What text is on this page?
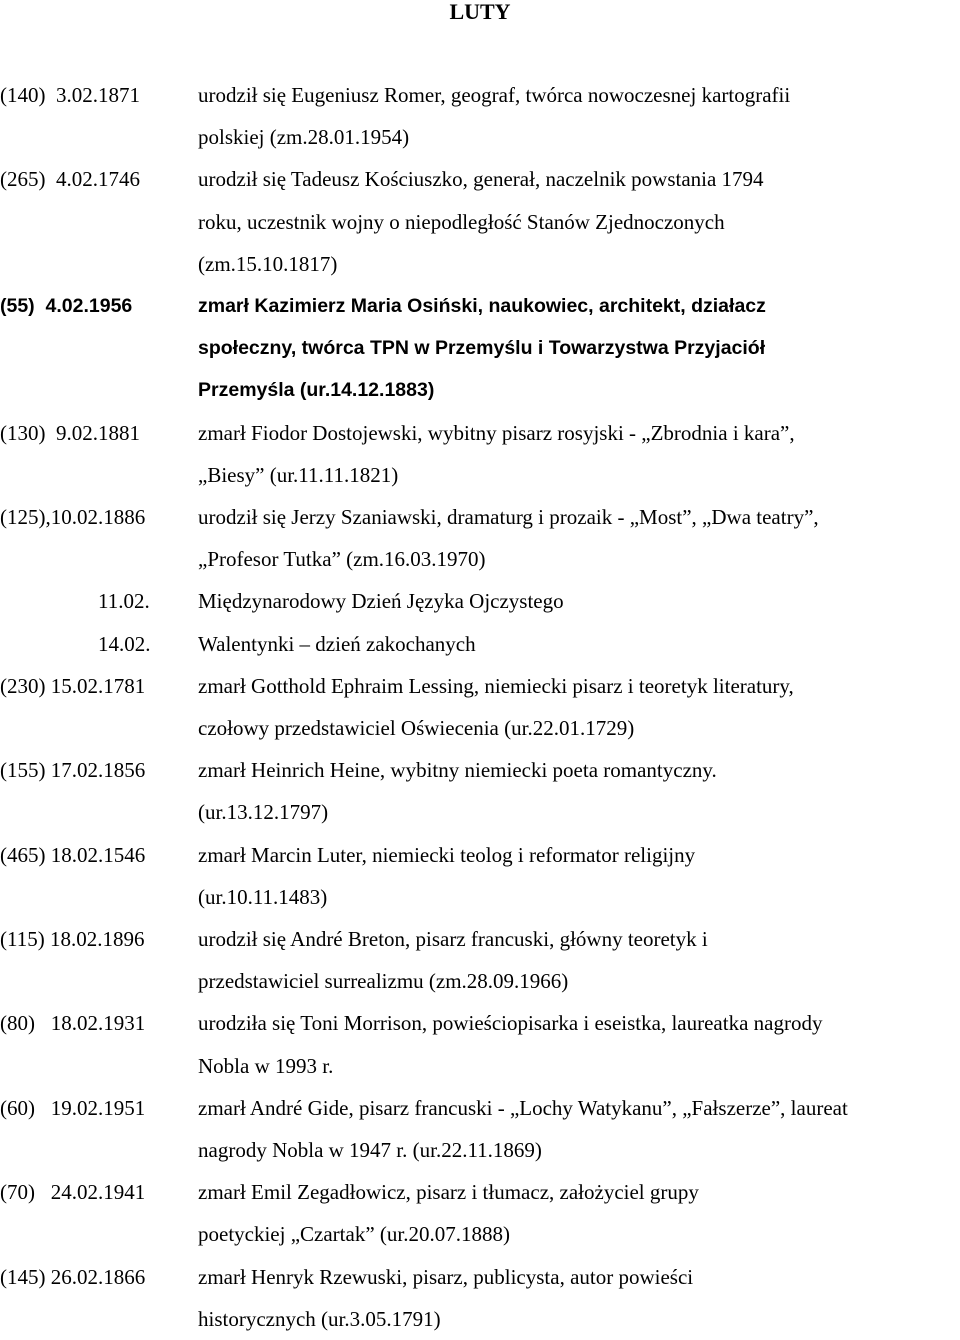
LUTY
(140)  3.02.1871	urodził się Eugeniusz Romer, geograf, twórca nowoczesnej kartografii
polskiej (zm.28.01.1954)
(265)  4.02.1746	urodził się Tadeusz Kościuszko, generał, naczelnik powstania 1794
roku, uczestnik wojny o niepodległość Stanów Zjednoczonych
(zm.15.10.1817)
(55)  4.02.1956	zmarł Kazimierz Maria Osiński, naukowiec, architekt, działacz
społeczny, twórca TPN w Przemyślu i Towarzystwa Przyjaciół
Przemyśla (ur.14.12.1883)
(130)  9.02.1881	zmarł Fiodor Dostojewski, wybitny pisarz rosyjski - „Zbrodnia i kara”,
„Biesy” (ur.11.11.1821)
(125),10.02.1886	urodził się Jerzy Szaniawski, dramaturg i prozaik - „Most”, „Dwa teatry”,
„Profesor Tutka” (zm.16.03.1970)
11.02.	Międzynarodowy Dzień Języka Ojczystego
14.02.	Walentynki – dzień zakochanych
(230) 15.02.1781	zmarł Gotthold Ephraim Lessing, niemiecki pisarz i teoretyk literatury,
czołowy przedstawiciel Oświecenia (ur.22.01.1729)
(155) 17.02.1856	zmarł Heinrich Heine, wybitny niemiecki poeta romantyczny.
(ur.13.12.1797)
(465) 18.02.1546	zmarł Marcin Luter, niemiecki teolog i reformator religijny
(ur.10.11.1483)
(115) 18.02.1896	urodził się André Breton, pisarz francuski, główny teoretyk i
przedstawiciel surrealizmu (zm.28.09.1966)
(80)   18.02.1931	urodziła się Toni Morrison, powieściopisarka i eseistka, laureatka nagrody
Nobla w 1993 r.
(60)   19.02.1951	zmarł André Gide, pisarz francuski - „Lochy Watykanu”, „Fałszerze”, laureat
nagrody Nobla w 1947 r. (ur.22.11.1869)
(70)   24.02.1941	zmarł Emil Zegadłowicz, pisarz i tłumacz, założyciel grupy
poetyckiej „Czartak” (ur.20.07.1888)
(145) 26.02.1866	zmarł Henryk Rzewuski, pisarz, publicysta, autor powieści
historycznych (ur.3.05.1791)
